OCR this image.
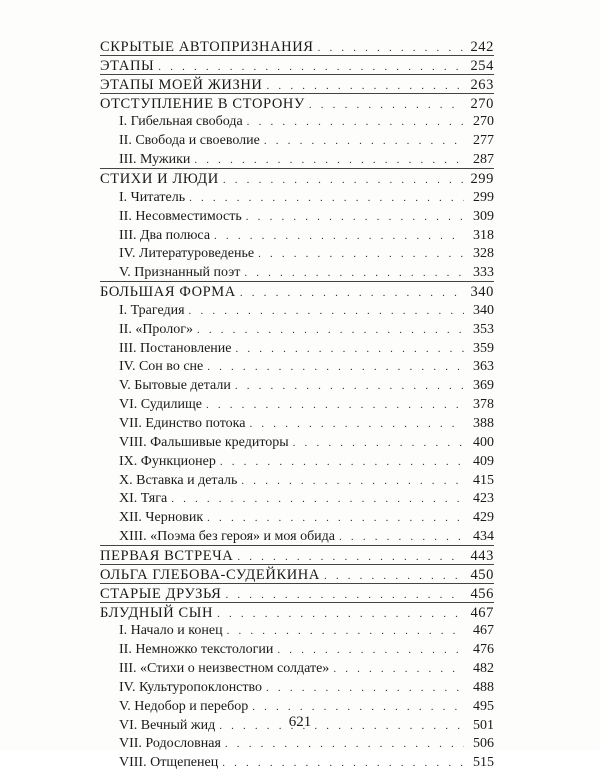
СКРЫТЫЕ АВТОПРИЗНАНИЯ . . .	242
ЭТАПЫ . . .	254
ЭТАПЫ МОЕЙ ЖИЗНИ . . .	263
ОТСТУПЛЕНИЕ В СТОРОНУ . . .	270
I. Гибельная свобода . . .	270
II. Свобода и своеволие . . .	277
III. Мужики . . .	287
СТИХИ И ЛЮДИ . . .	299
I. Читатель . . .	299
II. Несовместимость . . .	309
III. Два полюса . . .	318
IV. Литературоведенье . . .	328
V. Признанный поэт . . .	333
БОЛЬШАЯ ФОРМА . . .	340
I. Трагедия . . .	340
II. «Пролог» . . .	353
III. Постановление . . .	359
IV. Сон во сне . . .	363
V. Бытовые детали . . .	369
VI. Судилище . . .	378
VII. Единство потока . . .	388
VIII. Фальшивые кредиторы . . .	400
IX. Функционер . . .	409
X. Вставка и деталь . . .	415
XI. Тяга . . .	423
XII. Черновик . . .	429
XIII. «Поэма без героя» и моя обида . . .	434
ПЕРВАЯ ВСТРЕЧА . . .	443
ОЛЬГА ГЛЕБОВА-СУДЕЙКИНА . . .	450
СТАРЫЕ ДРУЗЬЯ . . .	456
БЛУДНЫЙ СЫН . . .	467
I. Начало и конец . . .	467
II. Немножко текстологии . . .	476
III. «Стихи о неизвестном солдате» . . .	482
IV. Культуропоклонство . . .	488
V. Недобор и перебор . . .	495
VI. Вечный жид . . .	501
VII. Родословная . . .	506
VIII. Отщепенец . . .	515
621
